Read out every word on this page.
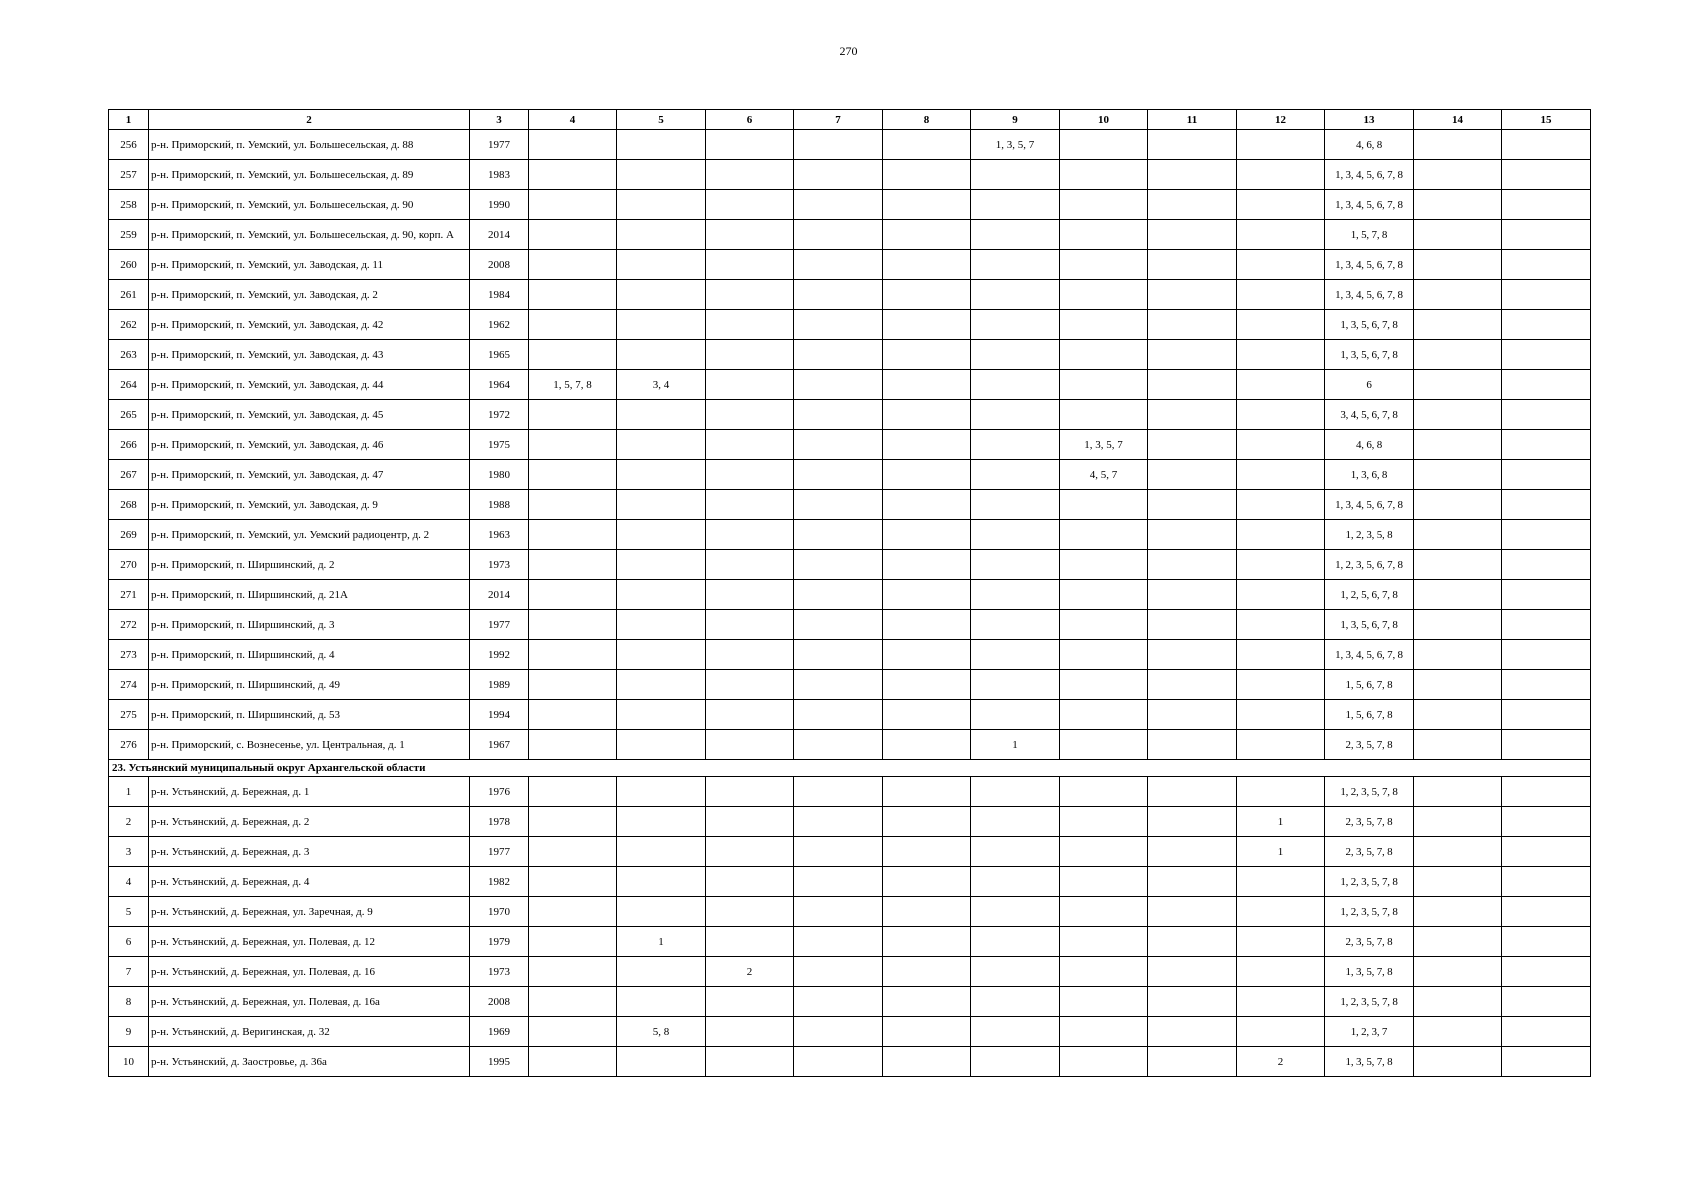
270
1	2	3	4	5	6	7	8	9	10	11	12	13	14	15
256	р-н. Приморский, п. Уемский, ул. Большесельская, д. 88	1977						1, 3, 5, 7				4, 6, 8		
257	р-н. Приморский, п. Уемский, ул. Большесельская, д. 89	1983										1, 3, 4, 5, 6, 7, 8		
258	р-н. Приморский, п. Уемский, ул. Большесельская, д. 90	1990										1, 3, 4, 5, 6, 7, 8		
259	р-н. Приморский, п. Уемский, ул. Большесельская, д. 90, корп. А	2014										1, 5, 7, 8		
260	р-н. Приморский, п. Уемский, ул. Заводская, д. 11	2008										1, 3, 4, 5, 6, 7, 8		
261	р-н. Приморский, п. Уемский, ул. Заводская, д. 2	1984										1, 3, 4, 5, 6, 7, 8		
262	р-н. Приморский, п. Уемский, ул. Заводская, д. 42	1962										1, 3, 5, 6, 7, 8		
263	р-н. Приморский, п. Уемский, ул. Заводская, д. 43	1965										1, 3, 5, 6, 7, 8		
264	р-н. Приморский, п. Уемский, ул. Заводская, д. 44	1964	1, 5, 7, 8	3, 4								6		
265	р-н. Приморский, п. Уемский, ул. Заводская, д. 45	1972										3, 4, 5, 6, 7, 8		
266	р-н. Приморский, п. Уемский, ул. Заводская, д. 46	1975							1, 3, 5, 7			4, 6, 8		
267	р-н. Приморский, п. Уемский, ул. Заводская, д. 47	1980							4, 5, 7			1, 3, 6, 8		
268	р-н. Приморский, п. Уемский, ул. Заводская, д. 9	1988										1, 3, 4, 5, 6, 7, 8		
269	р-н. Приморский, п. Уемский, ул. Уемский радиоцентр, д. 2	1963										1, 2, 3, 5, 8		
270	р-н. Приморский, п. Ширшинский, д. 2	1973										1, 2, 3, 5, 6, 7, 8		
271	р-н. Приморский, п. Ширшинский, д. 21А	2014										1, 2, 5, 6, 7, 8		
272	р-н. Приморский, п. Ширшинский, д. 3	1977										1, 3, 5, 6, 7, 8		
273	р-н. Приморский, п. Ширшинский, д. 4	1992										1, 3, 4, 5, 6, 7, 8		
274	р-н. Приморский, п. Ширшинский, д. 49	1989										1, 5, 6, 7, 8		
275	р-н. Приморский, п. Ширшинский, д. 53	1994										1, 5, 6, 7, 8		
276	р-н. Приморский, с. Вознесенье, ул. Центральная, д. 1	1967						1				2, 3, 5, 7, 8		
23. Устьянский муниципальный округ Архангельской области														
1	р-н. Устьянский, д. Бережная, д. 1	1976										1, 2, 3, 5, 7, 8		
2	р-н. Устьянский, д. Бережная, д. 2	1978									1	2, 3, 5, 7, 8		
3	р-н. Устьянский, д. Бережная, д. 3	1977									1	2, 3, 5, 7, 8		
4	р-н. Устьянский, д. Бережная, д. 4	1982										1, 2, 3, 5, 7, 8		
5	р-н. Устьянский, д. Бережная, ул. Заречная, д. 9	1970										1, 2, 3, 5, 7, 8		
6	р-н. Устьянский, д. Бережная, ул. Полевая, д. 12	1979		1								2, 3, 5, 7, 8		
7	р-н. Устьянский, д. Бережная, ул. Полевая, д. 16	1973			2							1, 3, 5, 7, 8		
8	р-н. Устьянский, д. Бережная, ул. Полевая, д. 16а	2008										1, 2, 3, 5, 7, 8		
9	р-н. Устьянский, д. Веригинская, д. 32	1969		5, 8								1, 2, 3, 7		
10	р-н. Устьянский, д. Заостровье, д. 36а	1995									2	1, 3, 5, 7, 8		
